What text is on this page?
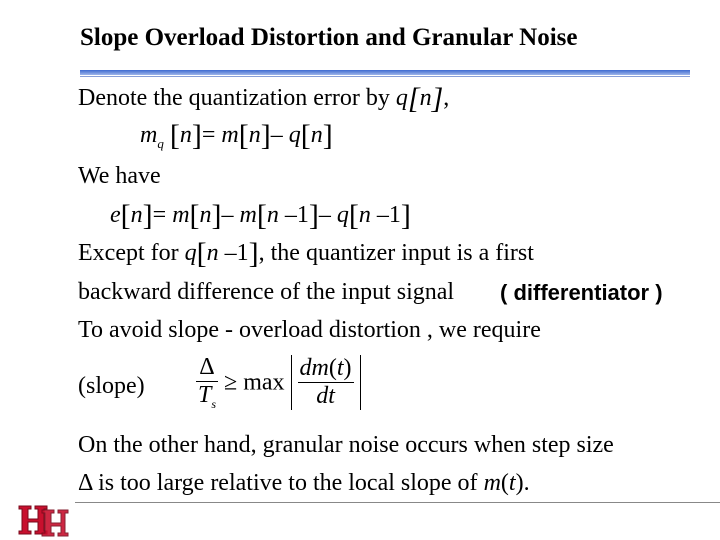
Slope Overload Distortion and Granular Noise
Denote the quantization error by q[n],
$m_q$ [n]= m[n]– q[n]
We have
e[n]= m[n]– m[n –1]– q[n –1]
Except for q[n –1], the quantizer input is a first
backward difference of the input signal ( differentiator )
To avoid slope - overload distortion , we require
(slope) $\frac{\Delta}{T_s} \ge \max \frac{dm(t)}{dt}$
On the other hand, granular noise occurs when step size
Δ is too large relative to the local slope of m(t).
